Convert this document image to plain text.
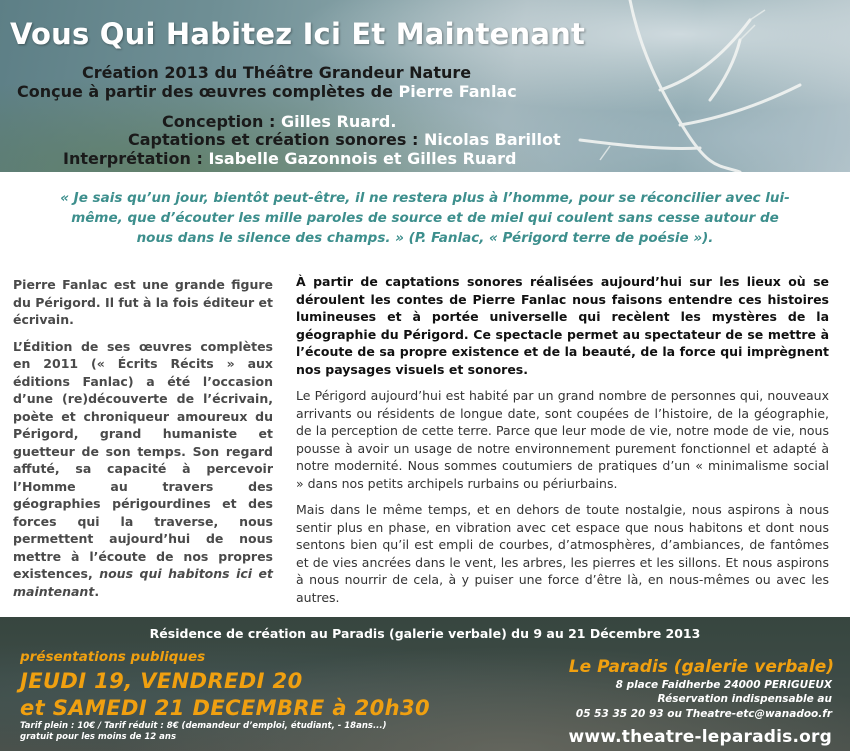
Vous Qui Habitez Ici Et Maintenant
Création 2013 du Théâtre Grandeur Nature
Conçue à partir des œuvres complètes de Pierre Fanlac
Conception : Gilles Ruard.
Captations et création sonores : Nicolas Barillot
Interprétation : Isabelle Gazonnois et Gilles Ruard
« Je sais qu’un jour, bientôt peut-être, il ne restera plus à l’homme, pour se réconcilier avec lui-même, que d’écouter les mille paroles de source et de miel qui coulent sans cesse autour de nous dans le silence des champs. » (P. Fanlac, « Périgord terre de poésie »).

Pierre Fanlac est une grande figure du Périgord. Il fut à la fois éditeur et écrivain.

L’Édition de ses œuvres complètes en 2011 (« Écrits Récits » aux éditions Fanlac) a été l’occasion d’une (re)découverte de l’écrivain, poète et chroniqueur amoureux du Périgord, grand humaniste et guetteur de son temps. Son regard affuté, sa capacité à percevoir l’Homme au travers des géographies périgourdines et des forces qui la traverse, nous permettent aujourd’hui de nous mettre à l’écoute de nos propres existences, nous qui habitons ici et maintenant.

À partir de captations sonores réalisées aujourd’hui sur les lieux où se déroulent les contes de Pierre Fanlac nous faisons entendre ces histoires lumineuses et à portée universelle qui recèlent les mystères de la géographie du Périgord. Ce spectacle permet au spectateur de se mettre à l’écoute de sa propre existence et de la beauté, de la force qui imprègnent nos paysages visuels et sonores.

Le Périgord aujourd’hui est habité par un grand nombre de personnes qui, nouveaux arrivants ou résidents de longue date, sont coupées de l’histoire, de la géographie, de la perception de cette terre. Parce que leur mode de vie, notre mode de vie, nous pousse à avoir un usage de notre environnement purement fonctionnel et adapté à notre modernité. Nous sommes coutumiers de pratiques d’un « minimalisme social » dans nos petits archipels rurbains ou périurbains.

Mais dans le même temps, et en dehors de toute nostalgie, nous aspirons à nous sentir plus en phase, en vibration avec cet espace que nous habitons et dont nous sentons bien qu’il est empli de courbes, d’atmosphères, d’ambiances, de fantômes et de vies ancrées dans le vent, les arbres, les pierres et les sillons. Et nous aspirons à nous nourrir de cela, à y puiser une force d’être là, en nous-mêmes ou avec les autres.

Résidence de création au Paradis (galerie verbale) du 9 au 21 Décembre 2013
présentations publiques
JEUDI 19, VENDREDI 20
et SAMEDI 21 DECEMBRE à 20h30
Tarif plein : 10€ / Tarif réduit : 8€ (demandeur d’emploi, étudiant, - 18ans...)
gratuit pour les moins de 12 ans
Le Paradis (galerie verbale)
8 place Faidherbe 24000 PERIGUEUX
Réservation indispensable au
05 53 35 20 93 ou Theatre-etc@wanadoo.fr
www.theatre-leparadis.org
